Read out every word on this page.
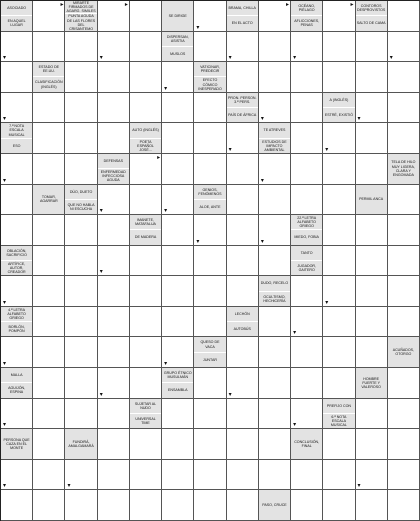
ASOCIADO
EN AQUEL LUGAR
▸	MIRARTE FIRMADOS DE AGARG. SIMILES
PUNTA AGUDA DE LAS FLORES DEL CRISANTEMO
▸
SE DIRIGE
▾
BRAMA, CHILLA
EN EL ACTO
▸	OCÉANO, PIÉLAGO
AFLICCIONES, PENAS
▸	CONTOROS DESPROVISTOS
SALTO DE CAMA
▾	▾
DISPERSAN, ASISTIA
MUSLOS
▾	▾	▾
ESTADO DE EE.UU.
CLASIFICACIÓN (INGLÉS)	▾
VATICINAR, PREDECIR
EFECTO CÓMICO INESPERADO
▾
PRON. PERSON. 3.ª PERS.
PAÍS DE ÁFRICA
▾
A (INGLÉS)
ESTRÉ, EXISTIÓ
▾
7.ª NOTA ESCALA MUSICAL
ESO
AUTO (INGLÉS)
POETA ESPAÑOL JOSÉ...	▾
TE ATREVES
ESTUDIOS DE IMPACTO AMBIENTAL	▾
▾
DEFENSAS
ENFERMEDAD INFECCIOSA AGUDA
▸
▾
TELA DE HILO MUY LIGERA, CLARA Y ENGOMADA
TOMAR, AGARRAR
DÚO, DUETO
QUE NO HABLA NI ESCUCHA	▾	▾
GENIOS, FENÓMENOS
ALOE, ANTE
PERMIL ANCA
IMANETE, MATAFALUA
DE MADERA
▾	▾
22.ª LETRA ALFABETO GRIEGO
MIEDO, FOBIA
OBLACIÓN, SACRIFICIO
ARTÍFICE, AUTOR, CREADOR	▾
TANTO
JUGADOR, GAITERO
▾
DUDO, RECELO
OCULTISMO, HECHICERÍA	▾
4.ª LETRA ALFABETO GRIEGO
BORLÓN, POMPÓN
LECHÓN
AUTOBÚS
▾
▾	▾
QUESO DE VACA
JUNTAR
ACUÑADOS, OTORGO
MALLA
AGUIJÓN, ESPINA	▾
GRUPO ÉTNICO MUSULMÁN
ENSAMBLA
▾
HOMBRE FUERTE Y VALEROSO
▾
SUJETAR AL NUDO
UNIVERSAL TIME	▾
PREFIJO CON
6.ª NOTA ESCALA MUSICAL
PERSONA QUE CAZA EN EL MONTE
FUNDIRÁ, AMALGAMARÁ
CONCLUSIÓN, FINAL
▾	▾	▾
PASO, CRUCE
